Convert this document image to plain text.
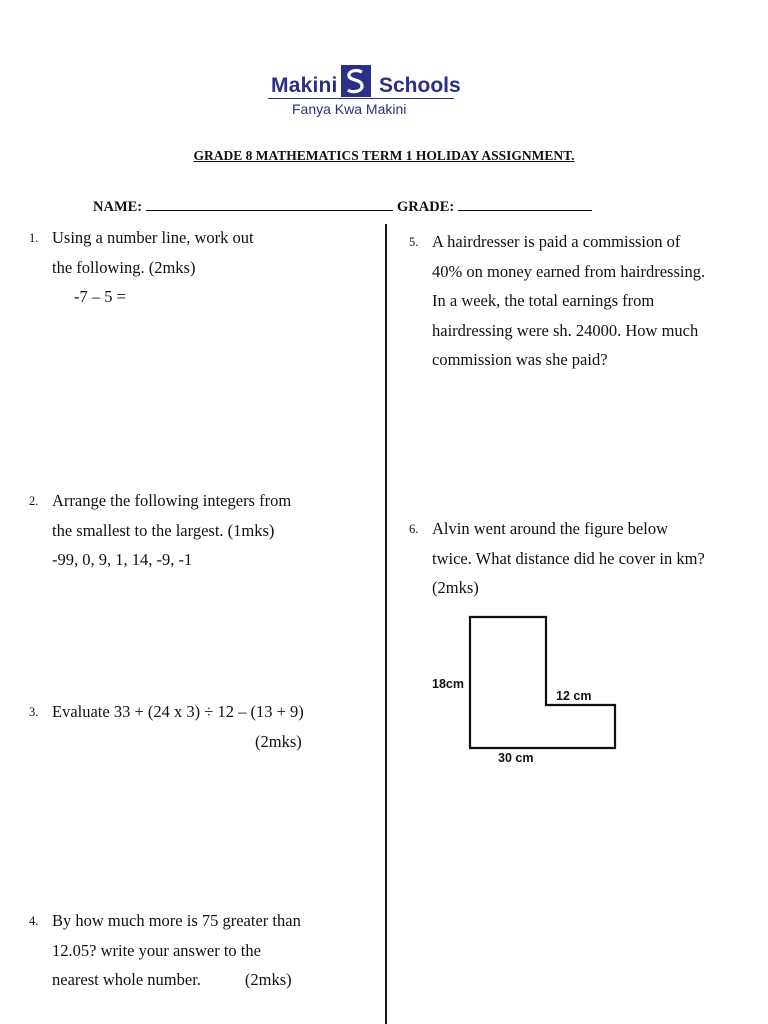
Makini Schools
Fanya Kwa Makini
GRADE 8 MATHEMATICS TERM 1 HOLIDAY ASSIGNMENT.
NAME:	GRADE:
1. Using a number line, work out
the following. (2mks)
-7 – 5 =
2. Arrange the following integers from
the smallest to the largest. (1mks)
-99, 0, 9, 1, 14, -9, -1
3. Evaluate 33 + (24 x 3) ÷ 12 – (13 + 9)
(2mks)
4. By how much more is 75 greater than
12.05? write your answer to the
nearest whole number.	(2mks)
5. A hairdresser is paid a commission of
40% on money earned from hairdressing.
In a week, the total earnings from
hairdressing were sh. 24000. How much
commission was she paid?
6. Alvin went around the figure below
twice. What distance did he cover in km?
(2mks)
18cm
12 cm
30 cm
